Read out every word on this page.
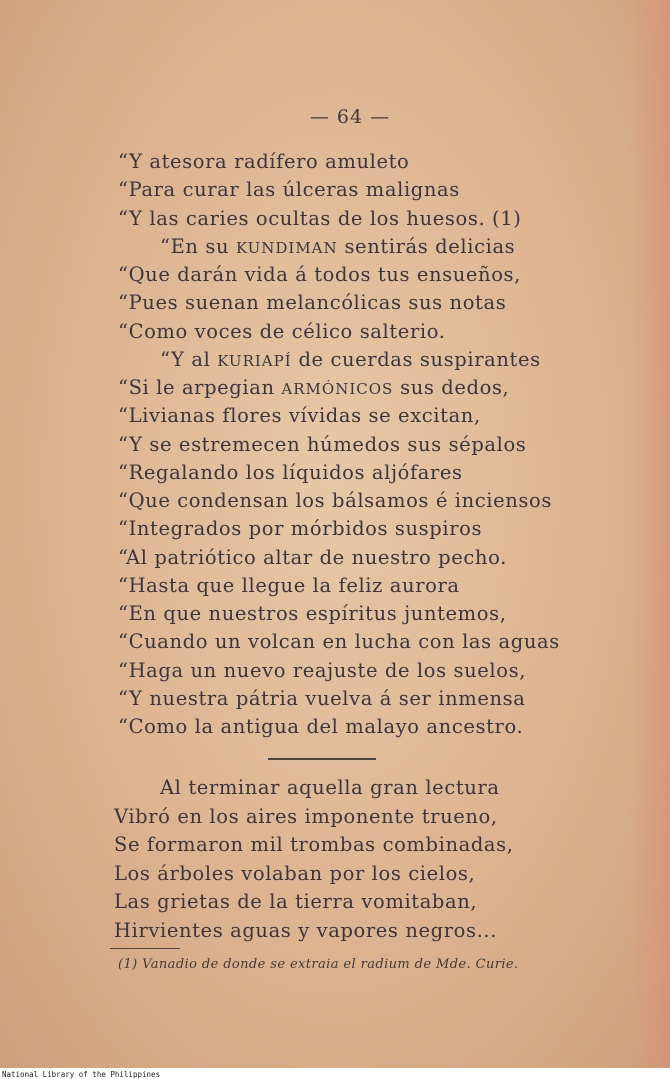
— 64 —
“Y atesora radífero amuleto
“Para curar las úlceras malignas
“Y las caries ocultas de los huesos. (1)
“En su KUNDIMAN sentirás delicias
“Que darán vida á todos tus ensueños,
“Pues suenan melancólicas sus notas
“Como voces de célico salterio.
“Y al KURIAPÍ de cuerdas suspirantes
“Si le arpegian ARMÓNICOS sus dedos,
“Livianas flores vívidas se excitan,
“Y se estremecen húmedos sus sépalos
“Regalando los líquidos aljófares
“Que condensan los bálsamos é inciensos
“Integrados por mórbidos suspiros
“Al patriótico altar de nuestro pecho.
“Hasta que llegue la feliz aurora
“En que nuestros espíritus juntemos,
“Cuando un volcan en lucha con las aguas
“Haga un nuevo reajuste de los suelos,
“Y nuestra pátria vuelva á ser inmensa
“Como la antigua del malayo ancestro.
Al terminar aquella gran lectura
Vibró en los aires imponente trueno,
Se formaron mil trombas combinadas,
Los árboles volaban por los cielos,
Las grietas de la tierra vomitaban,
Hirvientes aguas y vapores negros...
(1) Vanadio de donde se extraia el radium de Mde. Curie.
National Library of the Philippines
